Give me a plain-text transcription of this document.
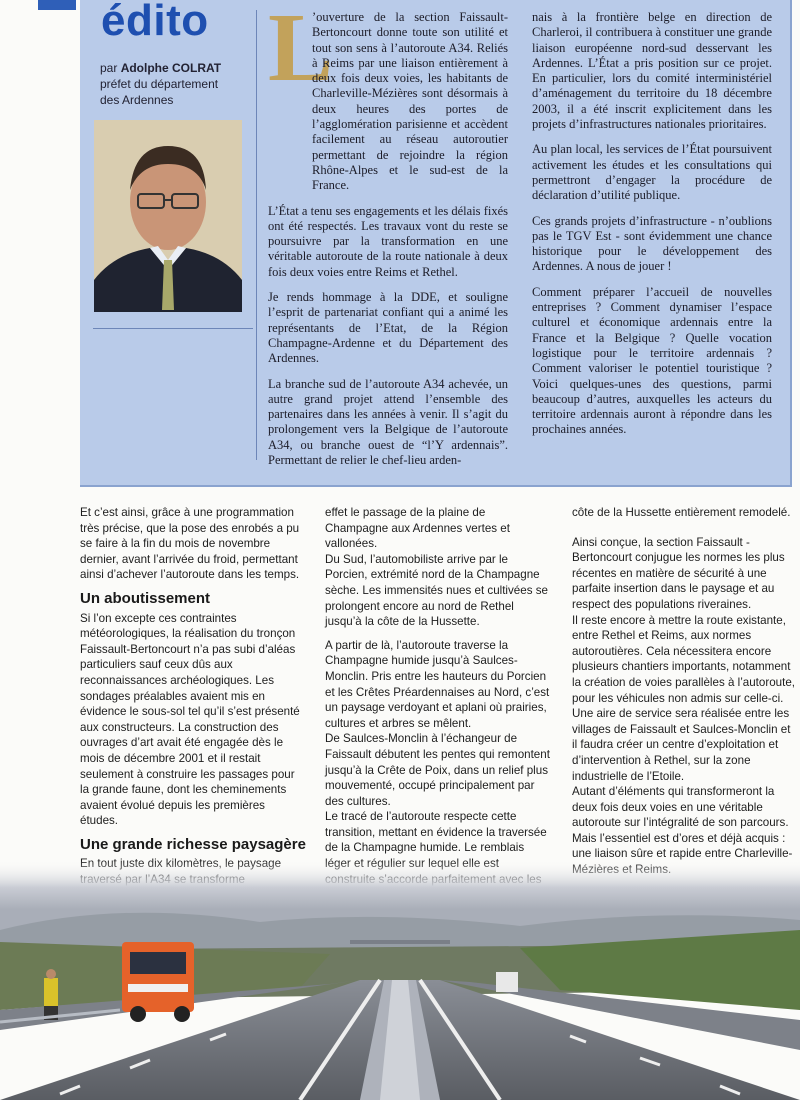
édito
par Adolphe COLRAT
préfet du département
des Ardennes L

’ouverture de la section Faissault-Bertoncourt donne toute son utilité et tout son sens à l’autoroute A34. Reliés à Reims par une liaison entièrement à deux fois deux voies, les habitants de Charleville-Mézières sont désormais à deux heures des portes de l’agglomération parisienne et accèdent facilement au réseau autoroutier permettant de rejoindre la région Rhône-Alpes et le sud-est de la France.

L’État a tenu ses engagements et les délais fixés ont été respectés. Les travaux vont du reste se poursuivre par la transformation en une véritable autoroute de la route nationale à deux fois deux voies entre Reims et Rethel.

Je rends hommage à la DDE, et souligne l’esprit de partenariat confiant qui a animé les représentants de l’Etat, de la Région Champagne-Ardenne et du Département des Ardennes.

La branche sud de l’autoroute A34 achevée, un autre grand projet attend l’ensemble des partenaires dans les années à venir. Il s’agit du prolongement vers la Belgique de l’autoroute A34, ou branche ouest de “l’Y ardennais”. Permettant de relier le chef-lieu arden-

nais à la frontière belge en direction de Charleroi, il contribuera à constituer une grande liaison européenne nord-sud desservant les Ardennes. L’État a pris position sur ce projet. En particulier, lors du comité interministériel d’aménagement du territoire du 18 décembre 2003, il a été inscrit explicitement dans les projets d’infrastructures nationales prioritaires.

Au plan local, les services de l’État poursuivent activement les études et les consultations qui permettront d’engager la procédure de déclaration d’utilité publique.

Ces grands projets d’infrastructure - n’oublions pas le TGV Est - sont évidemment une chance historique pour le développement des Ardennes. A nous de jouer !

Comment préparer l’accueil de nouvelles entreprises ? Comment dynamiser l’espace culturel et économique ardennais entre la France et la Belgique ? Quelle vocation logistique pour le territoire ardennais ? Comment valoriser le potentiel touristique ? Voici quelques-unes des questions, parmi beaucoup d’autres, auxquelles les acteurs du territoire ardennais auront à répondre dans les prochaines années.

Et c’est ainsi, grâce à une programmation très précise, que la pose des enrobés a pu se faire à la fin du mois de novembre dernier, avant l’arrivée du froid, permettant ainsi d’achever l’autoroute dans les temps.

Un aboutissement

Si l’on excepte ces contraintes météorologiques, la réalisation du tronçon Faissault-Bertoncourt n’a pas subi d’aléas particuliers sauf ceux dûs aux reconnaissances archéologiques. Les sondages préalables avaient mis en évidence le sous-sol tel qu’il s’est présenté aux constructeurs. La construction des ouvrages d’art avait été engagée dès le mois de décembre 2001 et il restait seulement à construire les passages pour la grande faune, dont les cheminements avaient évolué depuis les premières études.

Une grande richesse paysagère

effet le passage de la plaine de Champagne aux Ardennes vertes et vallonées.

Du Sud, l’automobiliste arrive par le Porcien, extrémité nord de la Champagne sèche. Les immensités nues et cultivées se prolongent encore au nord de Rethel jusqu’à la côte de la Hussette.

A partir de là, l’autoroute traverse la Champagne humide jusqu’à Saulces-Monclin. Pris entre les hauteurs du Porcien et les Crêtes Préardennaises au Nord, c’est un paysage verdoyant et aplani où prairies, cultures et arbres se mêlent.

De Saulces-Monclin à l’échangeur de Faissault débutent les pentes qui remontent jusqu’à la Crête de Poix, dans un relief plus mouvementé, occupé principalement par des cultures.

Le tracé de l’autoroute respecte cette transition, mettant en évidence la traversée de la Champagne humide. Le remblais

côte de la Hussette entièrement remodelé.

Ainsi conçue, la section Faissault - Bertoncourt conjugue les normes les plus récentes en matière de sécurité à une parfaite insertion dans le paysage et au respect des populations riveraines.

Il reste encore à mettre la route existante, entre Rethel et Reims, aux normes autoroutières. Cela nécessitera encore plusieurs chantiers importants, notamment la création de voies parallèles à l’autoroute, pour les véhicules non admis sur celle-ci.

Une aire de service sera réalisée entre les villages de Faissault et Saulces-Monclin et il faudra créer un centre d’exploitation et d’intervention à Rethel, sur la zone industrielle de l’Etoile.

Autant d’éléments qui transformeront la deux fois deux voies en une véritable autoroute sur l’intégralité de son parcours. Mais l’essentiel est d’ores et déjà acquis : une liaison sûre et rapide entre Charleville-
